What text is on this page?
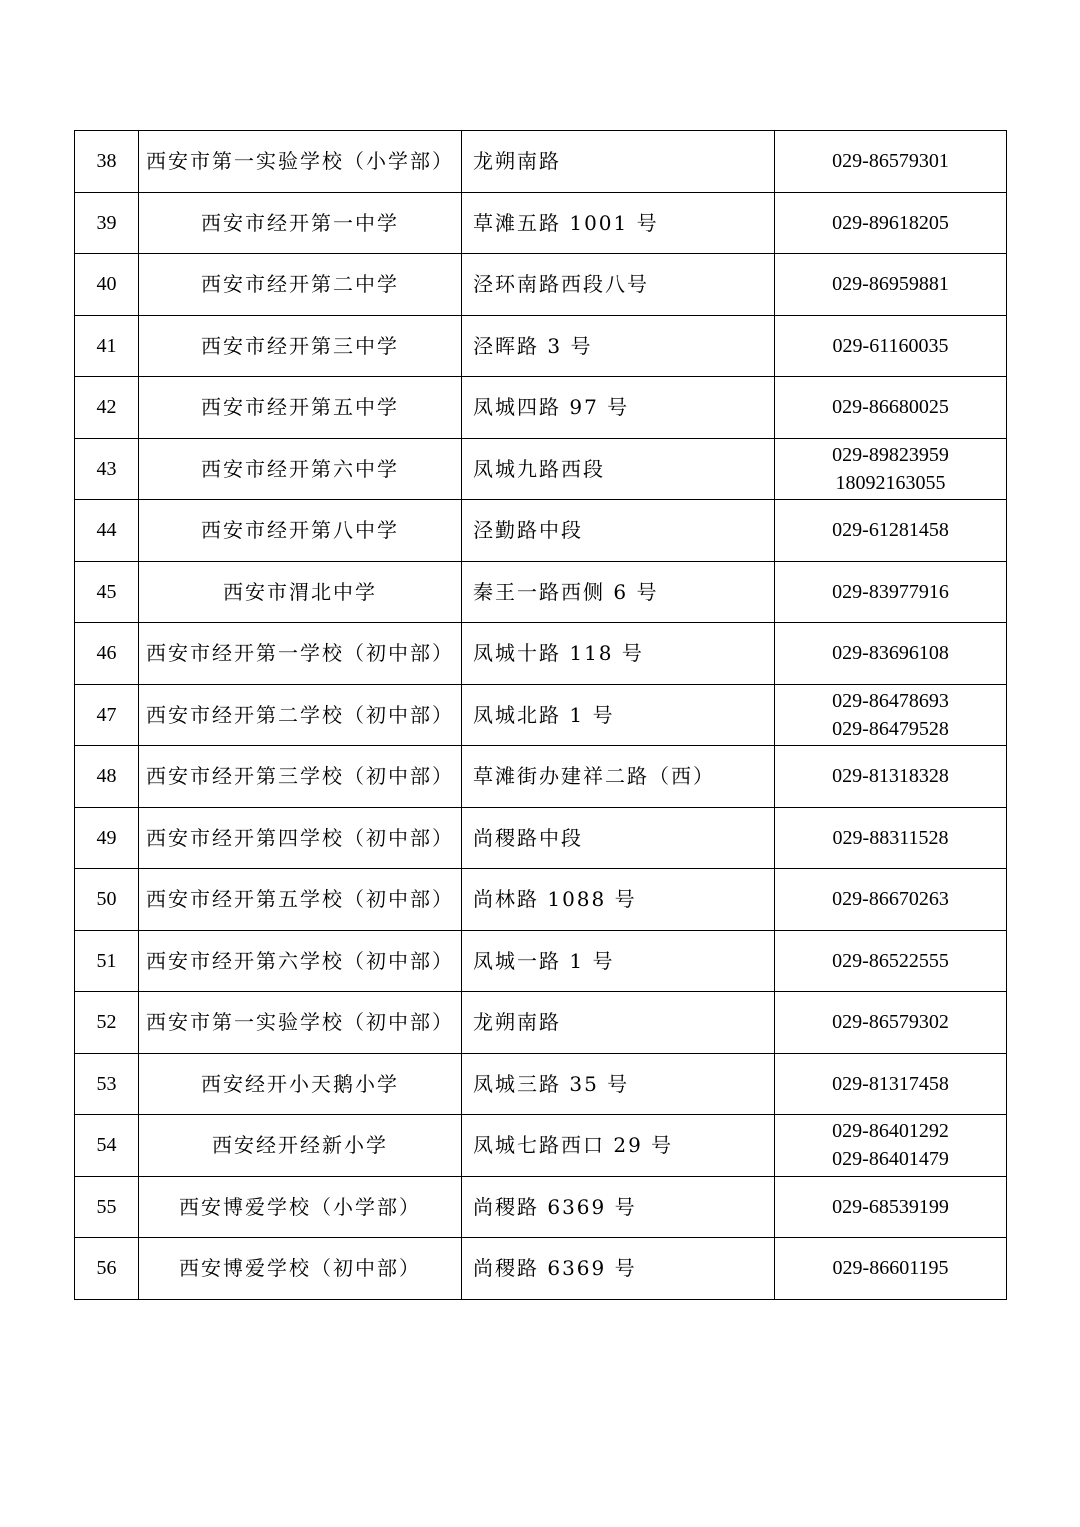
38	西安市第一实验学校（小学部）	龙朔南路	029-86579301

39	西安市经开第一中学	草滩五路 1001 号	029-89618205

40	西安市经开第二中学	泾环南路西段八号	029-86959881

41	西安市经开第三中学	泾晖路 3 号	029-61160035

42	西安市经开第五中学	凤城四路 97 号	029-86680025

43	西安市经开第六中学	凤城九路西段	029-89823959
18092163055

44	西安市经开第八中学	泾勤路中段	029-61281458

45	西安市渭北中学	秦王一路西侧 6 号	029-83977916

46	西安市经开第一学校（初中部）	凤城十路 118 号	029-83696108

47	西安市经开第二学校（初中部）	凤城北路 1 号	029-86478693
029-86479528

48	西安市经开第三学校（初中部）	草滩街办建祥二路（西）	029-81318328

49	西安市经开第四学校（初中部）	尚稷路中段	029-88311528

50	西安市经开第五学校（初中部）	尚林路 1088 号	029-86670263

51	西安市经开第六学校（初中部）	凤城一路 1 号	029-86522555

52	西安市第一实验学校（初中部）	龙朔南路	029-86579302

53	西安经开小天鹅小学	凤城三路 35 号	029-81317458

54	西安经开经新小学	凤城七路西口 29 号	029-86401292
029-86401479

55	西安博爱学校（小学部）	尚稷路 6369 号	029-68539199

56	西安博爱学校（初中部）	尚稷路 6369 号	029-86601195
